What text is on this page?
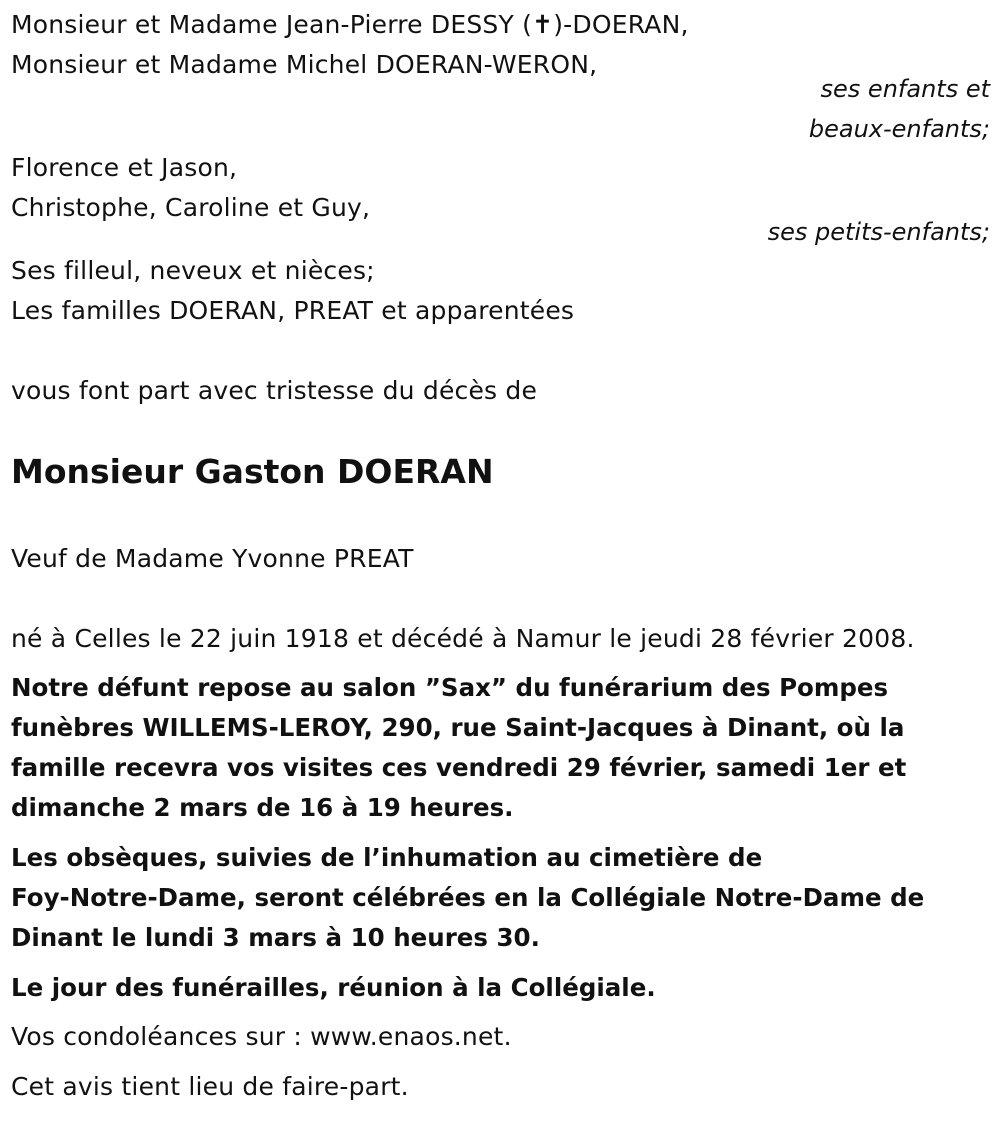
Monsieur et Madame Jean-Pierre DESSY (✝)-DOERAN,
Monsieur et Madame Michel DOERAN-WERON,
ses enfants et
beaux-enfants;
Florence et Jason,
Christophe, Caroline et Guy,
ses petits-enfants;
Ses filleul, neveux et nièces;
Les familles DOERAN, PREAT et apparentées
vous font part avec tristesse du décès de
Monsieur Gaston DOERAN
Veuf de Madame Yvonne PREAT
né à Celles le 22 juin 1918 et décédé à Namur le jeudi 28 février 2008.
Notre défunt repose au salon ”Sax” du funérarium des Pompes
funèbres WILLEMS-LEROY, 290, rue Saint-Jacques à Dinant, où la
famille recevra vos visites ces vendredi 29 février, samedi 1er et
dimanche 2 mars de 16 à 19 heures.
Les obsèques, suivies de l’inhumation au cimetière de
Foy-Notre-Dame, seront célébrées en la Collégiale Notre-Dame de
Dinant le lundi 3 mars à 10 heures 30.
Le jour des funérailles, réunion à la Collégiale.
Vos condoléances sur : www.enaos.net.
Cet avis tient lieu de faire-part.
